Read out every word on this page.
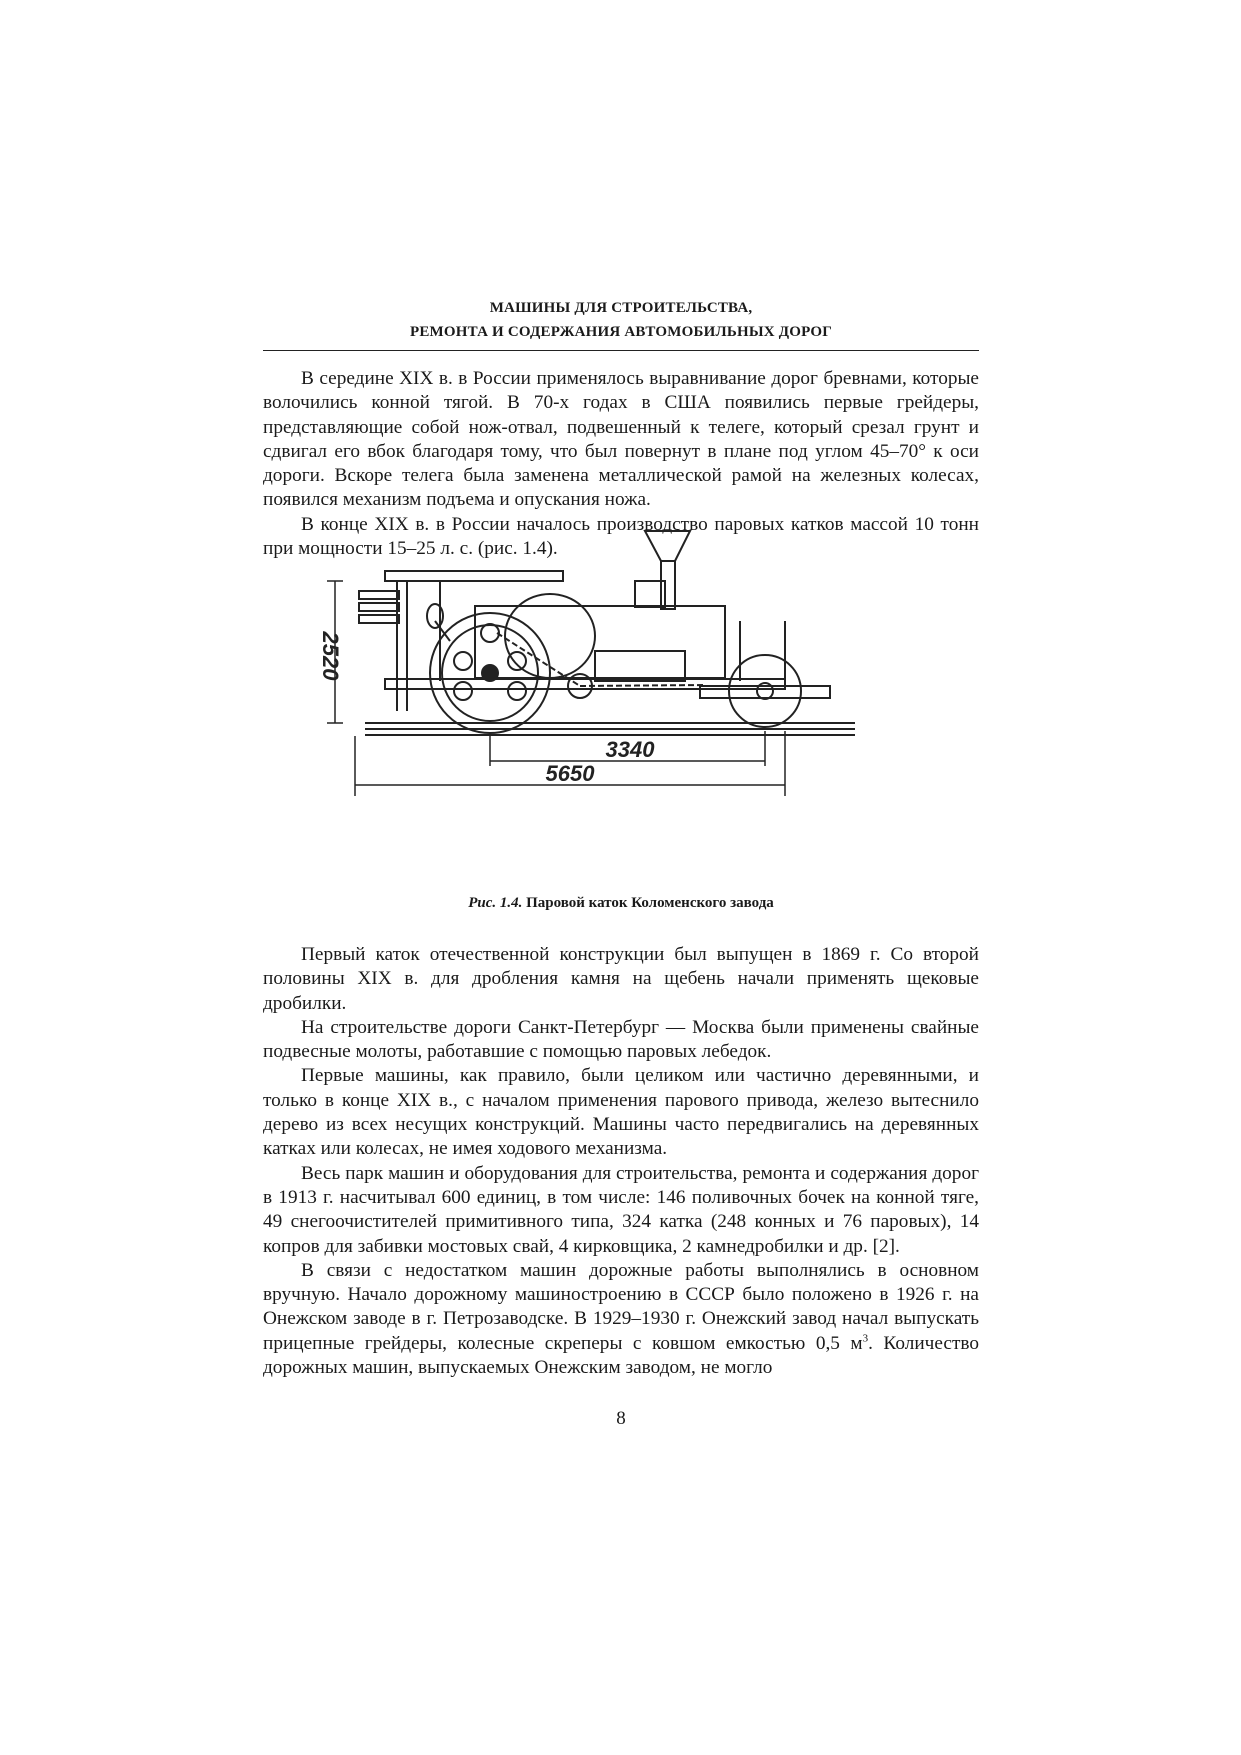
МАШИНЫ ДЛЯ СТРОИТЕЛЬСТВА,
РЕМОНТА И СОДЕРЖАНИЯ АВТОМОБИЛЬНЫХ ДОРОГ

В середине XIX в. в России применялось выравнивание дорог бревнами, которые волочились конной тягой. В 70-х годах в США появились первые грейдеры, представляющие собой нож-отвал, подвешенный к телеге, который срезал грунт и сдвигал его вбок благодаря тому, что был повернут в плане под углом 45–70° к оси дороги. Вскоре телега была заменена металлической рамой на железных колесах, появился механизм подъема и опускания ножа.

В конце XIX в. в России началось производство паровых катков массой 10 тонн при мощности 15–25 л. с. (рис. 1.4).

2520
3340
5650
Рис. 1.4. Паровой каток Коломенского завода

Первый каток отечественной конструкции был выпущен в 1869 г. Со второй половины XIX в. для дробления камня на щебень начали применять щековые дробилки.

На строительстве дороги Санкт-Петербург — Москва были применены свайные подвесные молоты, работавшие с помощью паровых лебедок.

Первые машины, как правило, были целиком или частично деревянными, и только в конце XIX в., с началом применения парового привода, железо вытеснило дерево из всех несущих конструкций. Машины часто передвигались на деревянных катках или колесах, не имея ходового механизма.

Весь парк машин и оборудования для строительства, ремонта и содержания дорог в 1913 г. насчитывал 600 единиц, в том числе: 146 поливочных бочек на конной тяге, 49 снегоочистителей примитивного типа, 324 катка (248 конных и 76 паровых), 14 копров для забивки мостовых свай, 4 кирковщика, 2 камнедробилки и др. [2].

В связи с недостатком машин дорожные работы выполнялись в основном вручную. Начало дорожному машиностроению в СССР было положено в 1926 г. на Онежском заводе в г. Петрозаводске. В 1929–1930 г. Онежский завод начал выпускать прицепные грейдеры, колесные скреперы с ковшом емкостью 0,5 $м^3$. Количество дорожных машин, выпускаемых Онежским заводом, не могло

8
